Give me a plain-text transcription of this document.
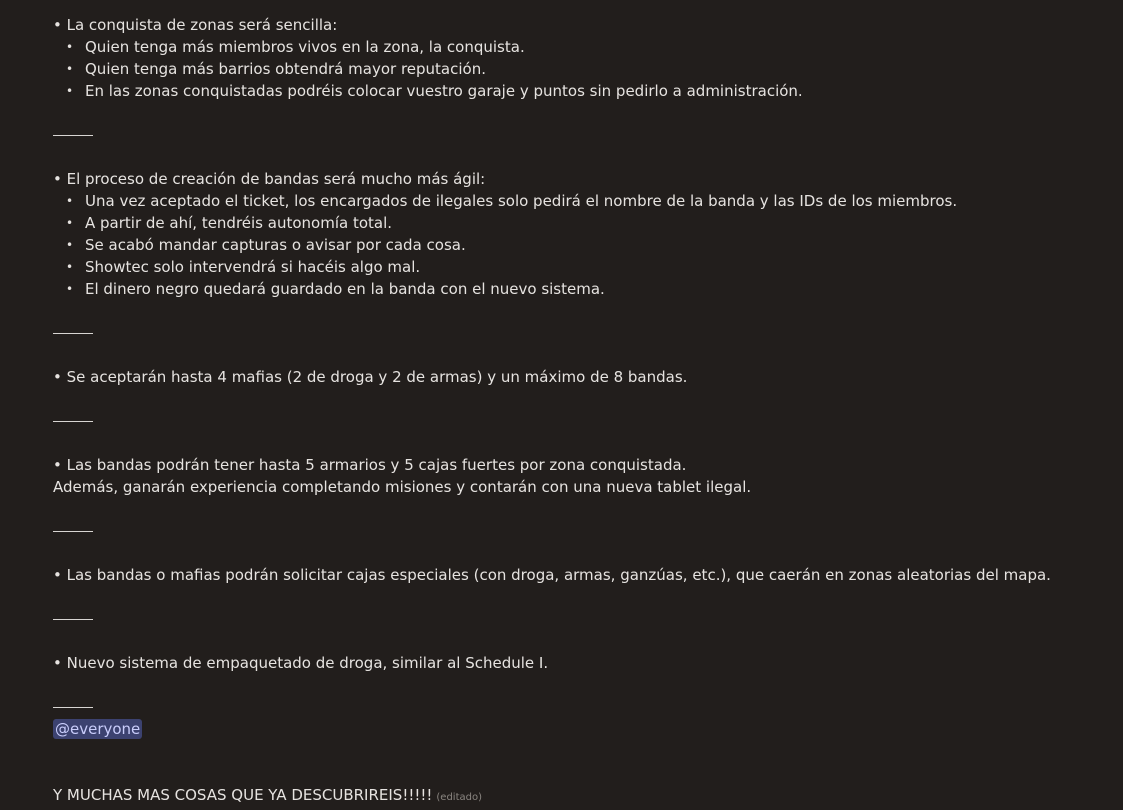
• La conquista de zonas será sencilla:
• Quien tenga más miembros vivos en la zona, la conquista.
• Quien tenga más barrios obtendrá mayor reputación.
• En las zonas conquistadas podréis colocar vuestro garaje y puntos sin pedirlo a administración.
• El proceso de creación de bandas será mucho más ágil:
• Una vez aceptado el ticket, los encargados de ilegales solo pedirá el nombre de la banda y las IDs de los miembros.
• A partir de ahí, tendréis autonomía total.
• Se acabó mandar capturas o avisar por cada cosa.
• Showtec solo intervendrá si hacéis algo mal.
• El dinero negro quedará guardado en la banda con el nuevo sistema.
• Se aceptarán hasta 4 mafias (2 de droga y 2 de armas) y un máximo de 8 bandas.
• Las bandas podrán tener hasta 5 armarios y 5 cajas fuertes por zona conquistada.
Además, ganarán experiencia completando misiones y contarán con una nueva tablet ilegal.
• Las bandas o mafias podrán solicitar cajas especiales (con droga, armas, ganzúas, etc.), que caerán en zonas aleatorias del mapa.
• Nuevo sistema de empaquetado de droga, similar al Schedule I.
@everyone
Y MUCHAS MAS COSAS QUE YA DESCUBRIREIS!!!!! (editado)
